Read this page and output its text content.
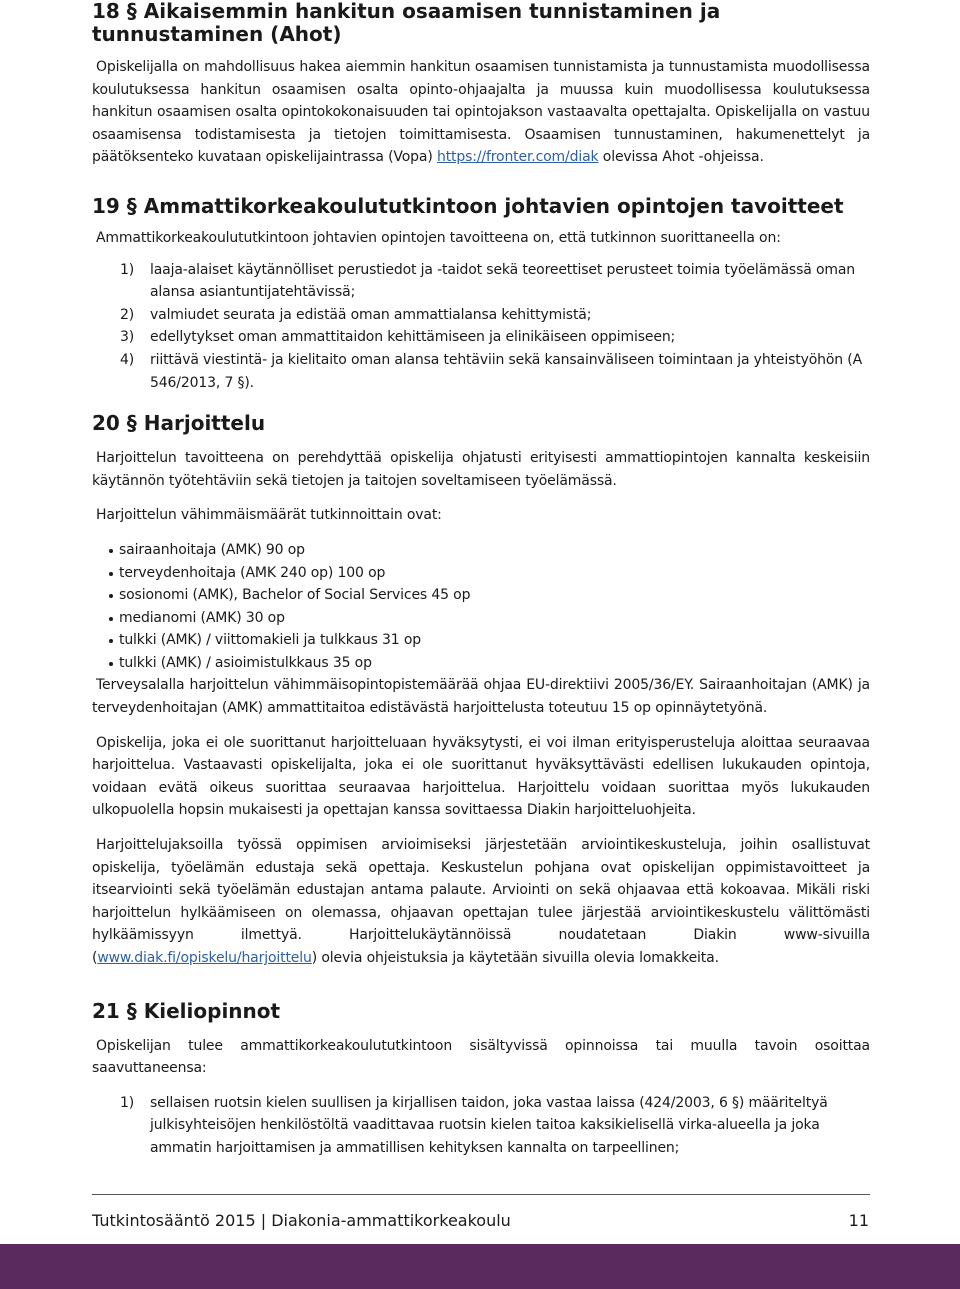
18 § Aikaisemmin hankitun osaamisen tunnistaminen ja tunnustaminen (Ahot)

Opiskelijalla on mahdollisuus hakea aiemmin hankitun osaamisen tunnistamista ja tunnustamista muodollisessa koulutuksessa hankitun osaamisen osalta opinto-ohjaajalta ja muussa kuin muodollisessa koulutuksessa hankitun osaamisen osalta opintokokonaisuuden tai opintojakson vastaavalta opettajalta. Opiskelijalla on vastuu osaamisensa todistamisesta ja tietojen toimittamisesta. Osaamisen tunnustaminen, hakumenettelyt ja päätöksenteko kuvataan opiskelijaintrassa (Vopa) https://fronter.com/diak olevissa Ahot -ohjeissa.

19 § Ammattikorkeakoulututkintoon johtavien opintojen tavoitteet

Ammattikorkeakoulututkintoon johtavien opintojen tavoitteena on, että tutkinnon suorittaneella on:

1) laaja-alaiset käytännölliset perustiedot ja -taidot sekä teoreettiset perusteet toimia työelämässä oman alansa asiantuntijatehtävissä;
2) valmiudet seurata ja edistää oman ammattialansa kehittymistä;
3) edellytykset oman ammattitaidon kehittämiseen ja elinikäiseen oppimiseen;
4) riittävä viestintä- ja kielitaito oman alansa tehtäviin sekä kansainväliseen toimintaan ja yhteistyöhön (A 546/2013, 7 §).
20 § Harjoittelu

Harjoittelun tavoitteena on perehdyttää opiskelija ohjatusti erityisesti ammattiopintojen kannalta keskeisiin käytännön työtehtäviin sekä tietojen ja taitojen soveltamiseen työelämässä.

Harjoittelun vähimmäismäärät tutkinnoittain ovat:

sairaanhoitaja (AMK) 90 op
terveydenhoitaja (AMK 240 op) 100 op
sosionomi (AMK), Bachelor of Social Services 45 op
medianomi (AMK) 30 op
tulkki (AMK) / viittomakieli ja tulkkaus 31 op
tulkki (AMK) / asioimistulkkaus 35 op

Terveysalalla harjoittelun vähimmäisopintopistemäärää ohjaa EU-direktiivi 2005/36/EY. Sairaanhoitajan (AMK) ja terveydenhoitajan (AMK) ammattitaitoa edistävästä harjoittelusta toteutuu 15 op opinnäytetyönä.

Opiskelija, joka ei ole suorittanut harjoitteluaan hyväksytysti, ei voi ilman erityisperusteluja aloittaa seuraavaa harjoittelua. Vastaavasti opiskelijalta, joka ei ole suorittanut hyväksyttävästi edellisen lukukauden opintoja, voidaan evätä oikeus suorittaa seuraavaa harjoittelua. Harjoittelu voidaan suorittaa myös lukukauden ulkopuolella hopsin mukaisesti ja opettajan kanssa sovittaessa Diakin harjoitteluohjeita.

Harjoittelujaksoilla työssä oppimisen arvioimiseksi järjestetään arviointikeskusteluja, joihin osallistuvat opiskelija, työelämän edustaja sekä opettaja. Keskustelun pohjana ovat opiskelijan oppimistavoitteet ja itsearviointi sekä työelämän edustajan antama palaute. Arviointi on sekä ohjaavaa että kokoavaa. Mikäli riski harjoittelun hylkäämiseen on olemassa, ohjaavan opettajan tulee järjestää arviointikeskustelu välittömästi hylkäämissyyn ilmettyä. Harjoittelukäytännöissä noudatetaan Diakin www-sivuilla (www.diak.fi/opiskelu/harjoittelu) olevia ohjeistuksia ja käytetään sivuilla olevia lomakkeita.

21 § Kieliopinnot

Opiskelijan tulee ammattikorkeakoulututkintoon sisältyvissä opinnoissa tai muulla tavoin osoittaa saavuttaneensa:

1) sellaisen ruotsin kielen suullisen ja kirjallisen taidon, joka vastaa laissa (424/2003, 6 §) määriteltyä julkisyhteisöjen henkilöstöltä vaadittavaa ruotsin kielen taitoa kaksikielisellä virka-alueella ja joka ammatin harjoittamisen ja ammatillisen kehityksen kannalta on tarpeellinen;
Tutkintosääntö 2015 | Diakonia-ammattikorkeakoulu	11
